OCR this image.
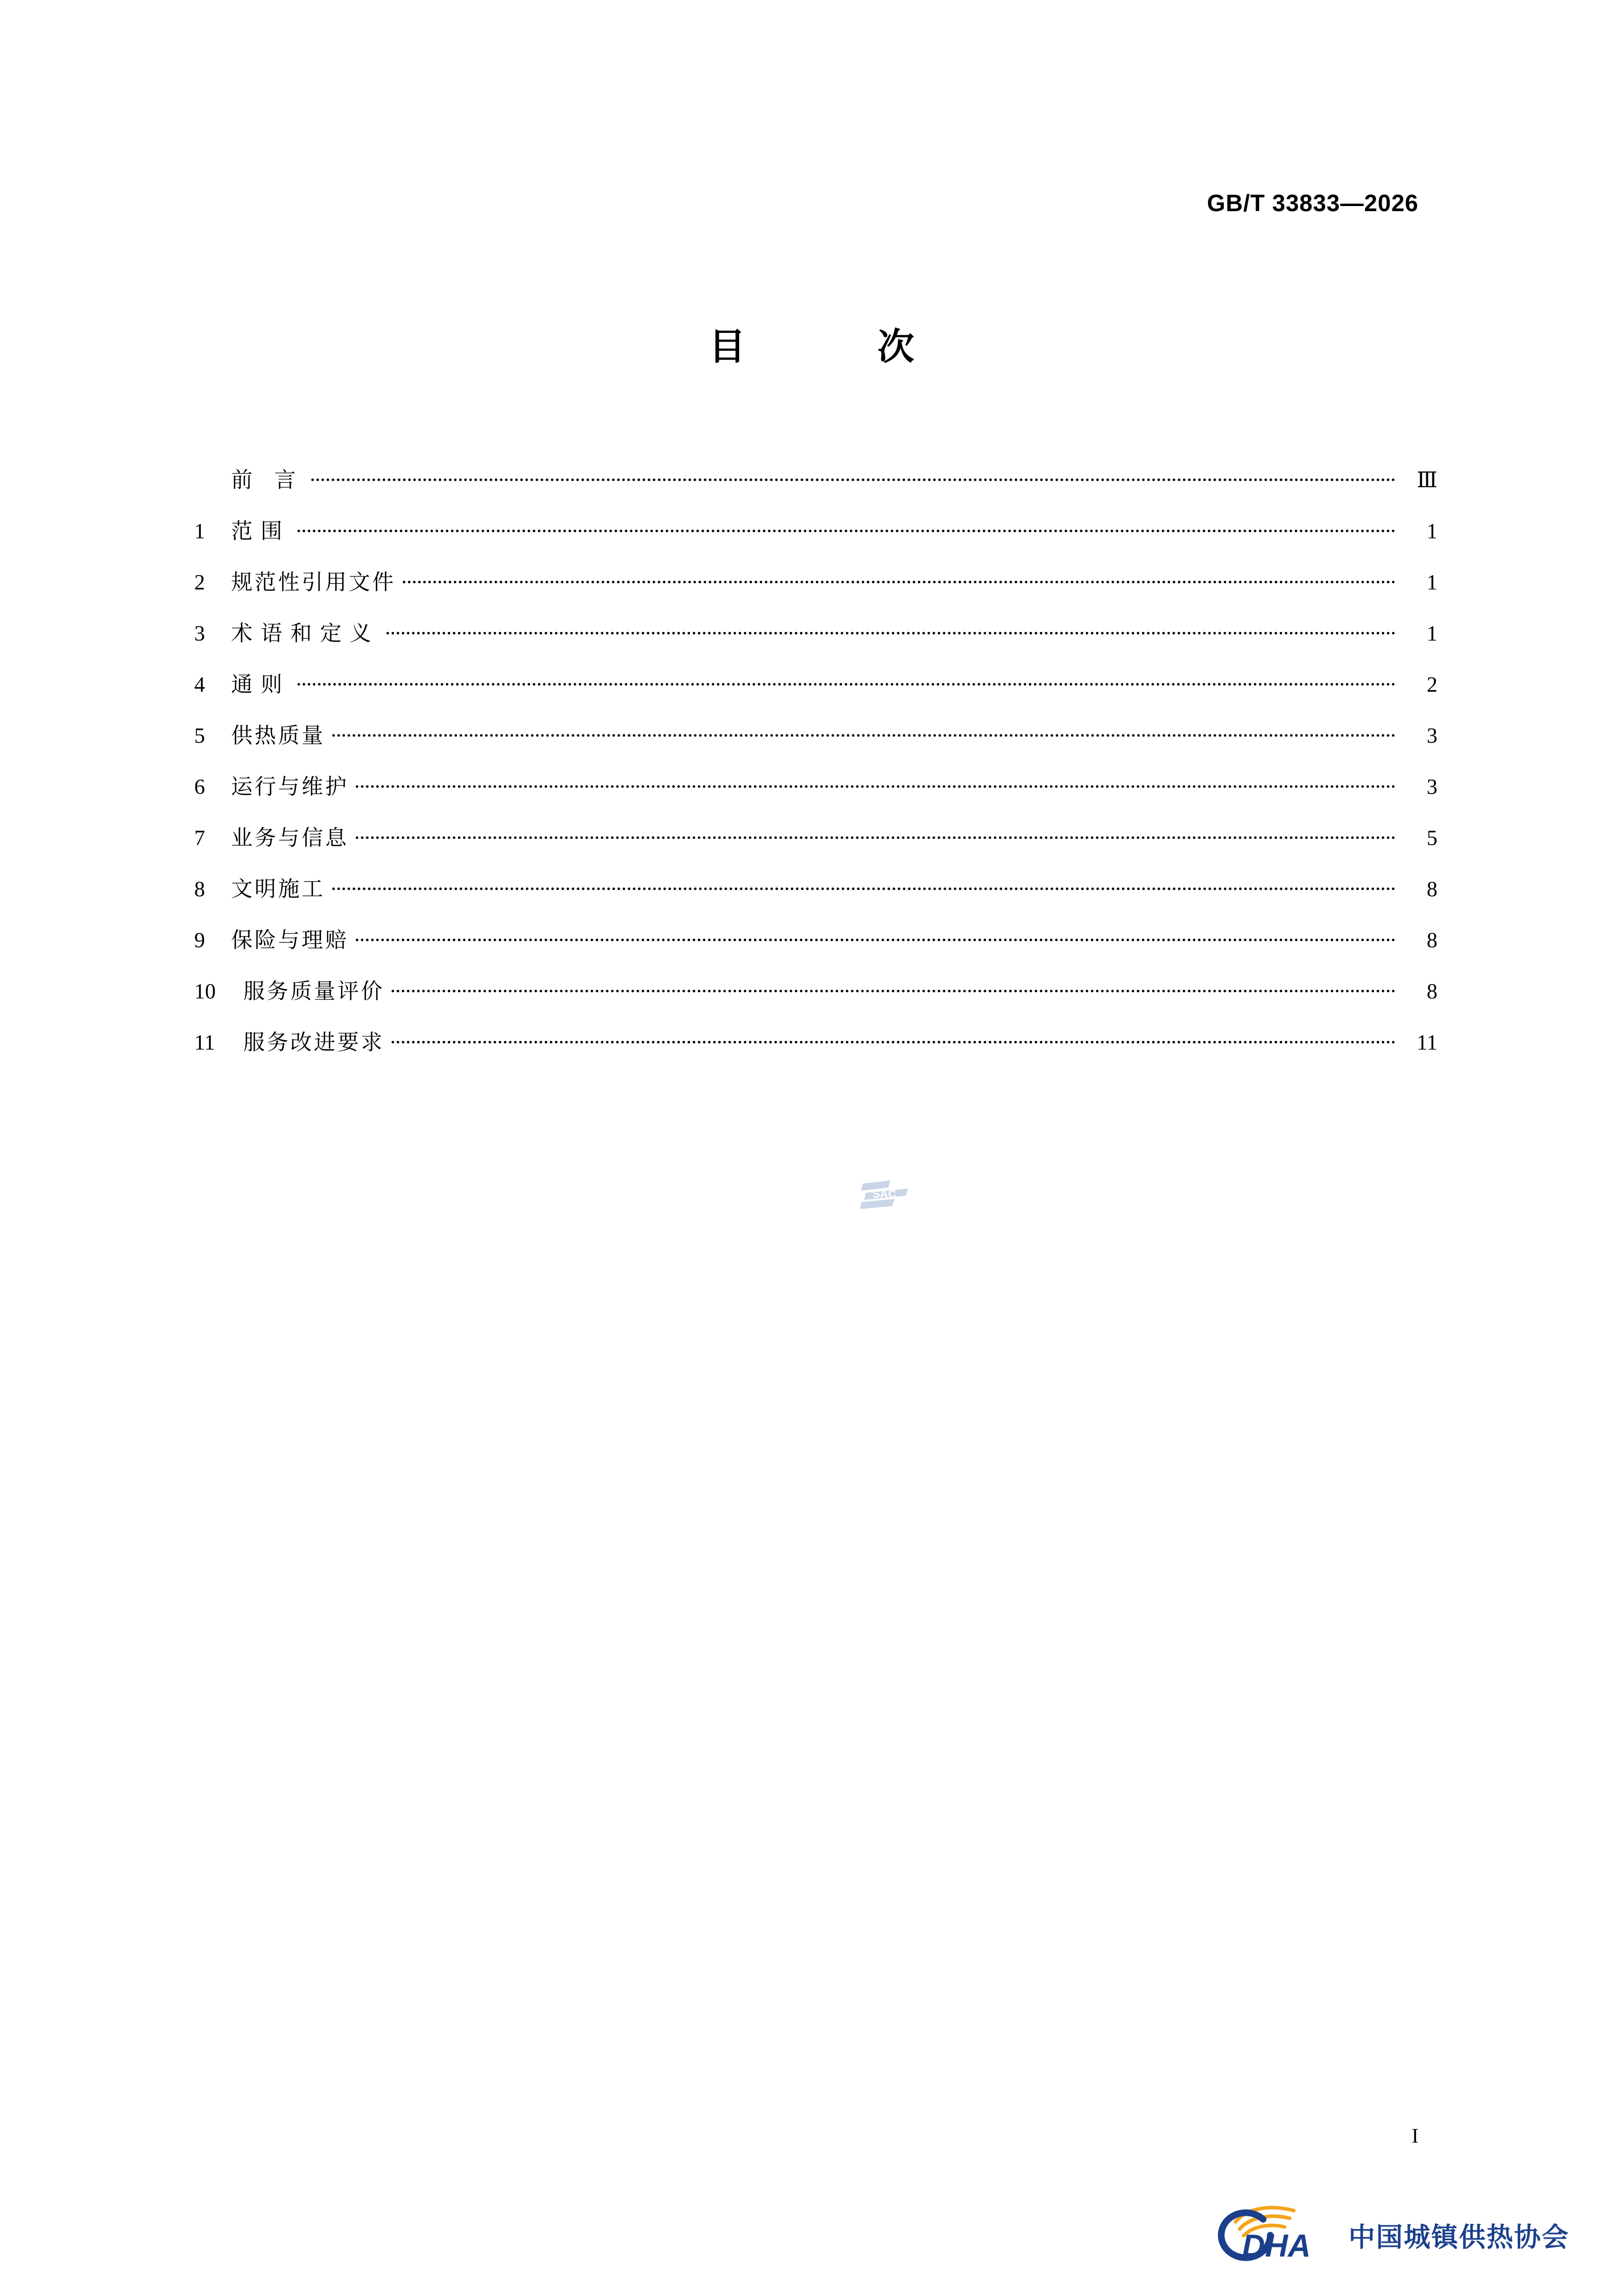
GB/T 33833—2026
目　　次
前 言	Ⅲ
1	范围	1
2	规范性引用文件	1
3	术语和定义	1
4	通则	2
5	供热质量	3
6	运行与维护	3
7	业务与信息	5
8	文明施工	8
9	保险与理赔	8
10	服务质量评价	8
11	服务改进要求	11
SAC
I
DHA 中国城镇供热协会
